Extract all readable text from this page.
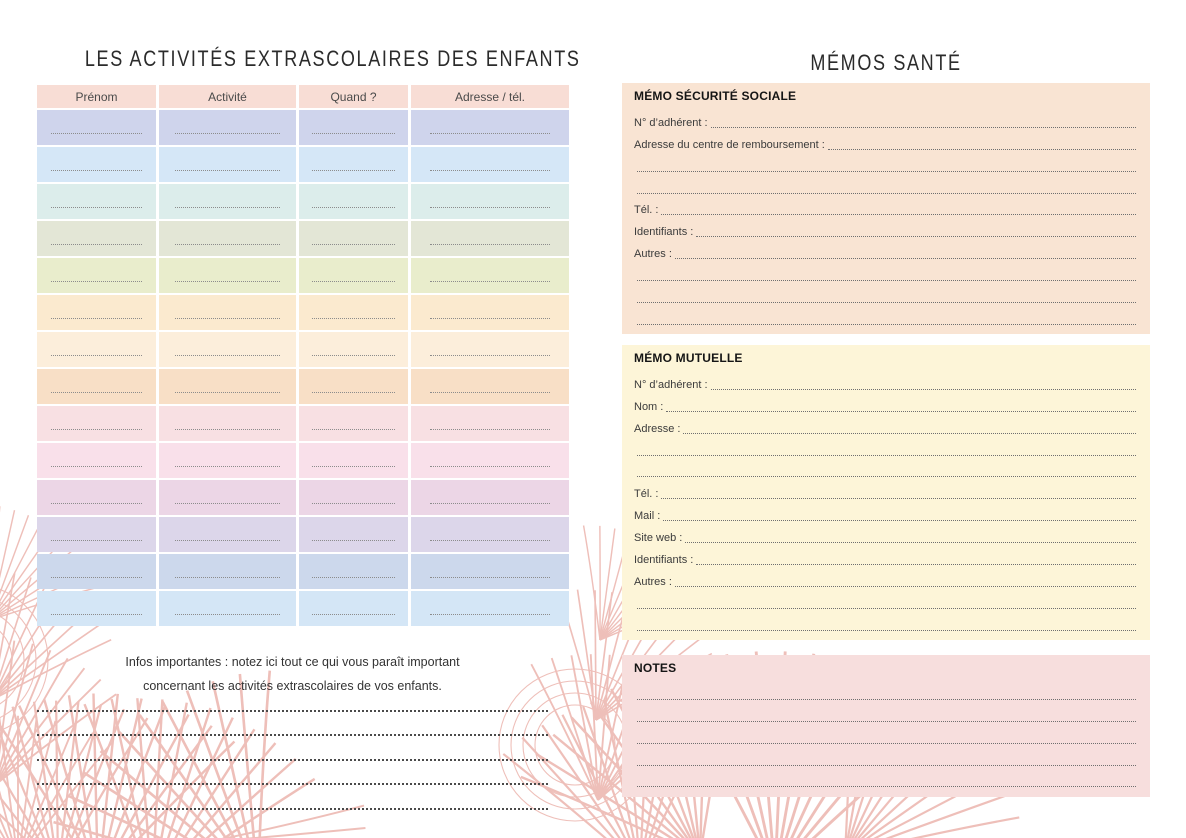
LES ACTIVITÉS EXTRASCOLAIRES DES ENFANTS
Prénom	Activité	Quand ?	Adresse / tél.
Infos importantes : notez ici tout ce qui vous paraît important
concernant les activités extrascolaires de vos enfants.
MÉMOS SANTÉ
MÉMO SÉCURITÉ SOCIALE
N° d’adhérent :
Adresse du centre de remboursement :
Tél. :
Identifiants :
Autres :
MÉMO MUTUELLE
N° d’adhérent :
Nom :
Adresse :
Tél. :
Mail :
Site web :
Identifiants :
Autres :
NOTES
